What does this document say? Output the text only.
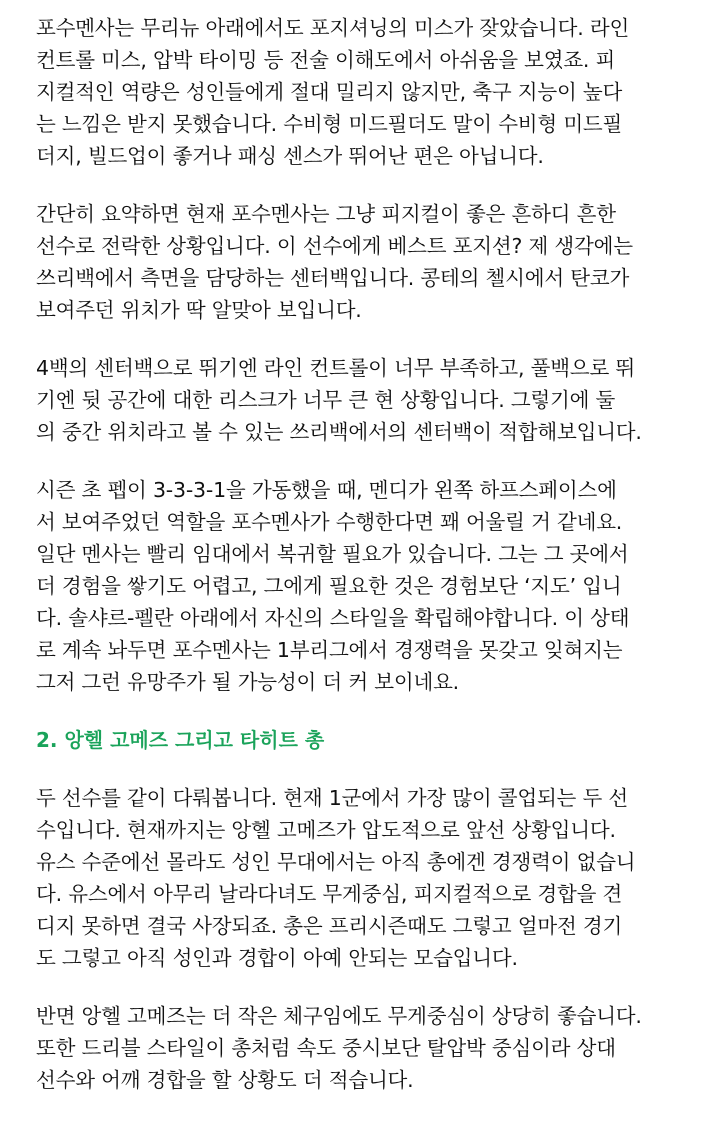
포수멘사는 무리뉴 아래에서도 포지셔닝의 미스가 잦았습니다. 라인
컨트롤 미스, 압박 타이밍 등 전술 이해도에서 아쉬움을 보였죠. 피
지컬적인 역량은 성인들에게 절대 밀리지 않지만, 축구 지능이 높다
는 느낌은 받지 못했습니다. 수비형 미드필더도 말이 수비형 미드필
더지, 빌드업이 좋거나 패싱 센스가 뛰어난 편은 아닙니다.

간단히 요약하면 현재 포수멘사는 그냥 피지컬이 좋은 흔하디 흔한
선수로 전락한 상황입니다. 이 선수에게 베스트 포지션? 제 생각에는
쓰리백에서 측면을 담당하는 센터백입니다. 콩테의 첼시에서 탄코가
보여주던 위치가 딱 알맞아 보입니다.

4백의 센터백으로 뛰기엔 라인 컨트롤이 너무 부족하고, 풀백으로 뛰
기엔 뒷 공간에 대한 리스크가 너무 큰 현 상황입니다. 그렇기에 둘
의 중간 위치라고 볼 수 있는 쓰리백에서의 센터백이 적합해보입니다.

시즌 초 펩이 3-3-3-1을 가동했을 때, 멘디가 왼쪽 하프스페이스에
서 보여주었던 역할을 포수멘사가 수행한다면 꽤 어울릴 거 같네요.
일단 멘사는 빨리 임대에서 복귀할 필요가 있습니다. 그는 그 곳에서
더 경험을 쌓기도 어렵고, 그에게 필요한 것은 경험보단 ‘지도’ 입니
다. 솔샤르-펠란 아래에서 자신의 스타일을 확립해야합니다. 이 상태
로 계속 놔두면 포수멘사는 1부리그에서 경쟁력을 못갖고 잊혀지는
그저 그런 유망주가 될 가능성이 더 커 보이네요.

2. 앙헬 고메즈 그리고 타히트 총

두 선수를 같이 다뤄봅니다. 현재 1군에서 가장 많이 콜업되는 두 선
수입니다. 현재까지는 앙헬 고메즈가 압도적으로 앞선 상황입니다.
유스 수준에선 몰라도 성인 무대에서는 아직 총에겐 경쟁력이 없습니
다. 유스에서 아무리 날라다녀도 무게중심, 피지컬적으로 경합을 견
디지 못하면 결국 사장되죠. 총은 프리시즌때도 그렇고 얼마전 경기
도 그렇고 아직 성인과 경합이 아예 안되는 모습입니다.

반면 앙헬 고메즈는 더 작은 체구임에도 무게중심이 상당히 좋습니다.
또한 드리블 스타일이 총처럼 속도 중시보단 탈압박 중심이라 상대
선수와 어깨 경합을 할 상황도 더 적습니다.
